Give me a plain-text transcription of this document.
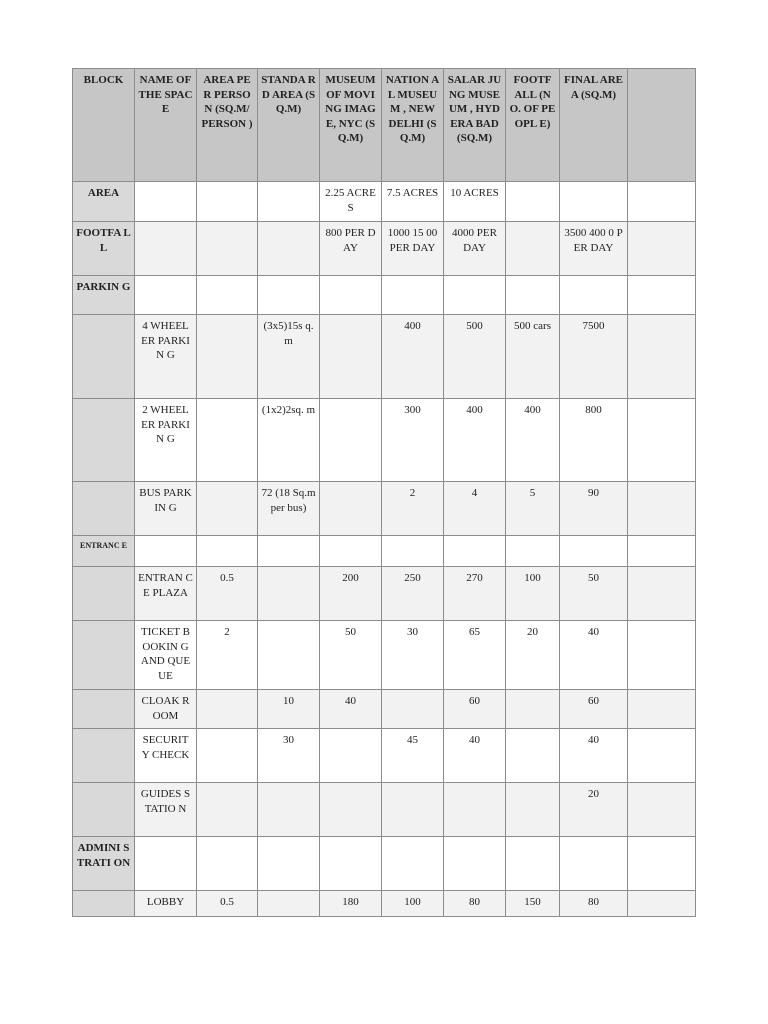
BLOCK	NAME OF THE SPACE	AREA PER PERSON (SQ.M/ PERSON )	STANDA RD AREA (SQ.M)	MUSEUM OF MOVING IMAGE, NYC (SQ.M)	NATION AL MUSEUM , NEW DELHI (SQ.M)	SALAR JUNG MUSEUM , HYDERA BAD (SQ.M)	FOOTF ALL (NO. OF PEOPL E)	FINAL AREA (SQ.M)	
AREA				2.25 ACRES	7.5 ACRES	10 ACRES			
FOOTFA LL				800 PER DAY	1000 15 00 PER DAY	4000 PER DAY		3500 400 0 PER DAY	
PARKIN G									
	4 WHEEL ER PARKIN G		(3x5)15s q.m		400	500	500 cars	7500	
	2 WHEEL ER PARKIN G		(1x2)2sq. m		300	400	400	800	
	BUS PARKIN G		72 (18 Sq.m per bus)		2	4	5	90	
ENTRANC E									
	ENTRAN CE PLAZA	0.5		200	250	270	100	50	
	TICKET BOOKIN G AND QUEUE	2		50	30	65	20	40	
	CLOAK ROOM		10	40		60		60	
	SECURIT Y CHECK		30		45	40		40	
	GUIDES STATIO N							20	
ADMINI STRATI ON									
	LOBBY	0.5		180	100	80	150	80	
